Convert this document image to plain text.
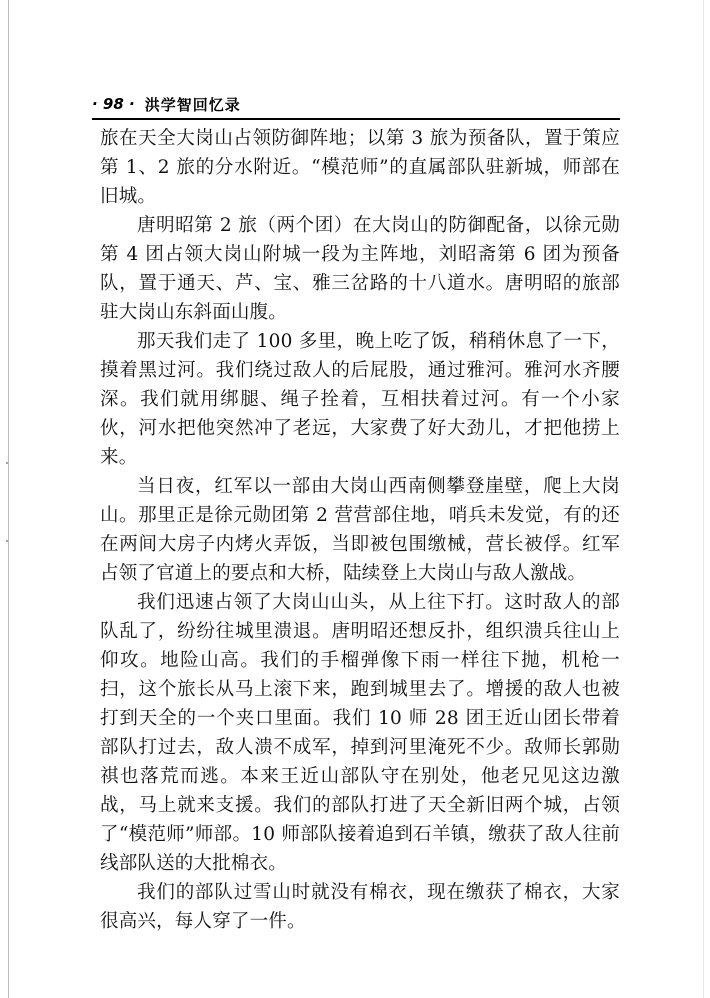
· 98 · 洪学智回忆录

旅在天全大岗山占领防御阵地；以第 3 旅为预备队，置于策应第 1、2 旅的分水附近。“模范师”的直属部队驻新城，师部在旧城。

唐明昭第 2 旅（两个团）在大岗山的防御配备，以徐元勋第 4 团占领大岗山附城一段为主阵地，刘昭斋第 6 团为预备队，置于通天、芦、宝、雅三岔路的十八道水。唐明昭的旅部驻大岗山东斜面山腹。

那天我们走了 100 多里，晚上吃了饭，稍稍休息了一下，摸着黑过河。我们绕过敌人的后屁股，通过雅河。雅河水齐腰深。我们就用绑腿、绳子拴着，互相扶着过河。有一个小家伙，河水把他突然冲了老远，大家费了好大劲儿，才把他捞上来。

当日夜，红军以一部由大岗山西南侧攀登崖壁，爬上大岗山。那里正是徐元勋团第 2 营营部住地，哨兵未发觉，有的还在两间大房子内烤火弄饭，当即被包围缴械，营长被俘。红军占领了官道上的要点和大桥，陆续登上大岗山与敌人激战。

我们迅速占领了大岗山山头，从上往下打。这时敌人的部队乱了，纷纷往城里溃退。唐明昭还想反扑，组织溃兵往山上仰攻。地险山高。我们的手榴弹像下雨一样往下抛，机枪一扫，这个旅长从马上滚下来，跑到城里去了。增援的敌人也被打到天全的一个夹口里面。我们 10 师 28 团王近山团长带着部队打过去，敌人溃不成军，掉到河里淹死不少。敌师长郭勋祺也落荒而逃。本来王近山部队守在别处，他老兄见这边激战，马上就来支援。我们的部队打进了天全新旧两个城，占领了“模范师”师部。10 师部队接着追到石羊镇，缴获了敌人往前线部队送的大批棉衣。

我们的部队过雪山时就没有棉衣，现在缴获了棉衣，大家很高兴，每人穿了一件。
